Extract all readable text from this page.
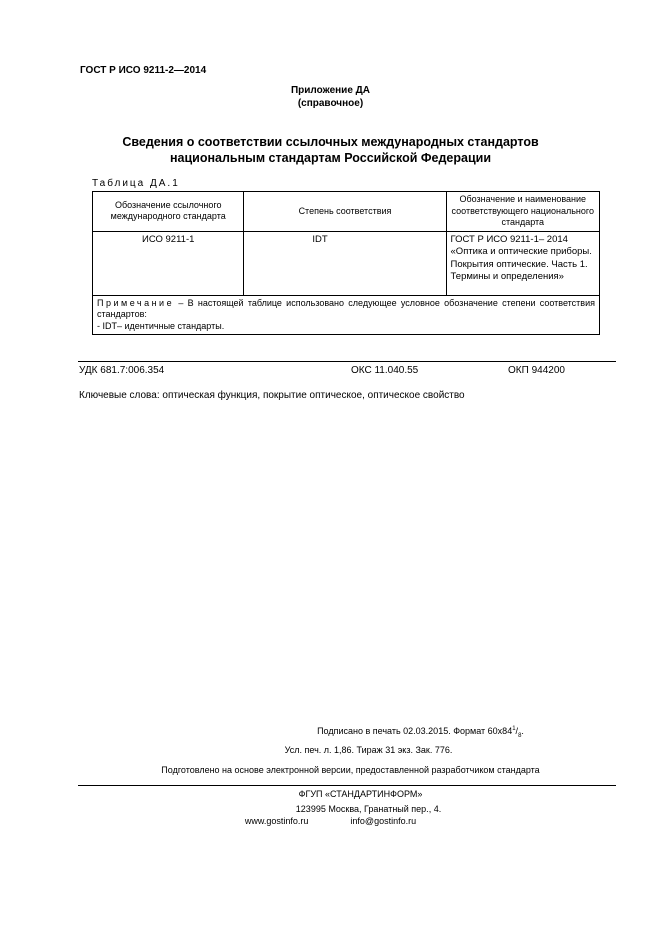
ГОСТ Р ИСО 9211-2—2014
Приложение ДА
(справочное)
Сведения о соответствии ссылочных международных стандартов
национальным стандартам Российской Федерации
Таблица ДА.1
Обозначение ссылочного международного стандарта	Степень соответствия	Обозначение и наименование соответствующего национального стандарта
ИСО 9211-1	IDT	ГОСТ Р ИСО 9211-1– 2014 «Оптика и оптические приборы. Покрытия оптические. Часть 1. Термины и определения»
Примечание – В настоящей таблице использовано следующее условное обозначение степени соответствия стандартов:
- IDT– идентичные стандарты.		
УДК 681.7:006.354	ОКС 11.040.55	ОКП 944200
Ключевые слова: оптическая функция, покрытие оптическое, оптическое свойство
Подписано в печать 02.03.2015. Формат $60x84^1/_8$.
Усл. печ. л. 1,86. Тираж 31 экз. Зак. 776.
Подготовлено на основе электронной версии, предоставленной разработчиком стандарта
ФГУП «СТАНДАРТИНФОРМ»
123995 Москва, Гранатный пер., 4.
www.gostinfo.ru	info@gostinfo.ru
